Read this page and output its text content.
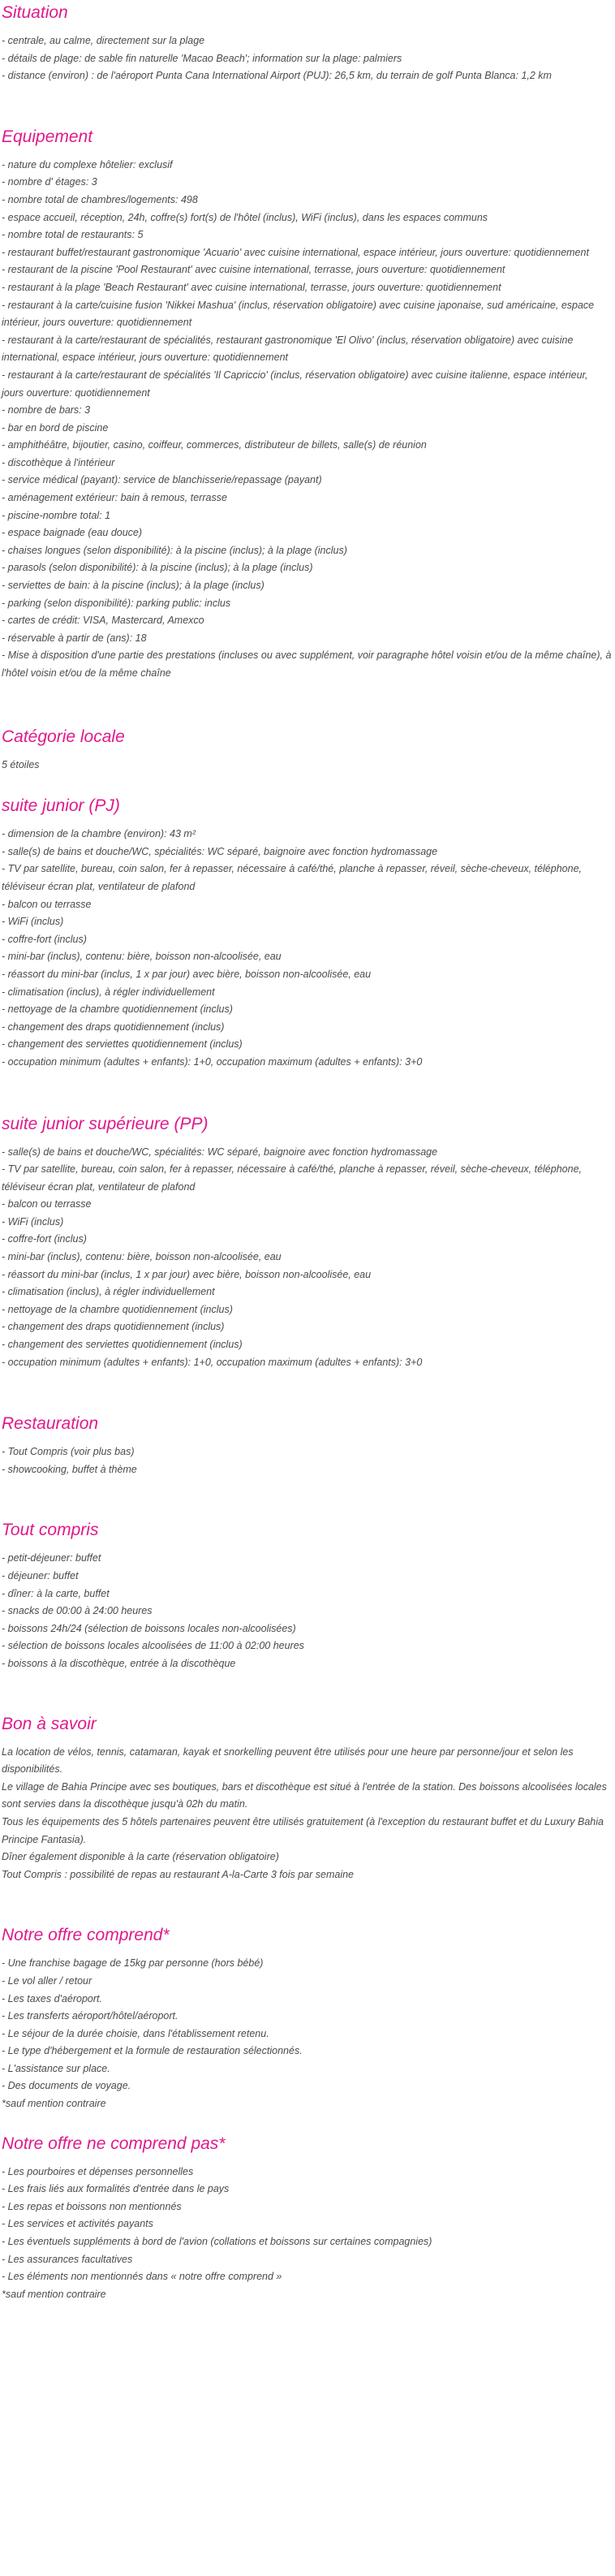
Situation

- centrale, au calme, directement sur la plage

- détails de plage: de sable fin naturelle 'Macao Beach'; information sur la plage: palmiers

- distance (environ) : de l'aéroport Punta Cana International Airport (PUJ): 26,5 km, du terrain de golf Punta Blanca: 1,2 km

Equipement

- nature du complexe hôtelier: exclusif

- nombre d' étages: 3

- nombre total de chambres/logements: 498

- espace accueil, réception, 24h, coffre(s) fort(s) de l'hôtel (inclus), WiFi (inclus), dans les espaces communs

- nombre total de restaurants: 5

- restaurant buffet/restaurant gastronomique 'Acuario' avec cuisine international, espace intérieur, jours ouverture: quotidiennement

- restaurant de la piscine 'Pool Restaurant' avec cuisine international, terrasse, jours ouverture: quotidiennement

- restaurant à la plage 'Beach Restaurant' avec cuisine international, terrasse, jours ouverture: quotidiennement

- restaurant à la carte/cuisine fusion 'Nikkei Mashua' (inclus, réservation obligatoire) avec cuisine japonaise, sud américaine, espace intérieur, jours ouverture: quotidiennement

- restaurant à la carte/restaurant de spécialités, restaurant gastronomique 'El Olivo' (inclus, réservation obligatoire) avec cuisine international, espace intérieur, jours ouverture: quotidiennement

- restaurant à la carte/restaurant de spécialités 'Il Capriccio' (inclus, réservation obligatoire) avec cuisine italienne, espace intérieur, jours ouverture: quotidiennement

- nombre de bars: 3

- bar en bord de piscine

- amphithéâtre, bijoutier, casino, coiffeur, commerces, distributeur de billets, salle(s) de réunion

- discothèque à l'intérieur

- service médical (payant): service de blanchisserie/repassage (payant)

- aménagement extérieur: bain à remous, terrasse

- piscine-nombre total: 1

- espace baignade (eau douce)

- chaises longues (selon disponibilité): à la piscine (inclus); à la plage (inclus)

- parasols (selon disponibilité): à la piscine (inclus); à la plage (inclus)

- serviettes de bain: à la piscine (inclus); à la plage (inclus)

- parking (selon disponibilité): parking public: inclus

- cartes de crédit: VISA, Mastercard, Amexco

- réservable à partir de (ans): 18

- Mise à disposition d'une partie des prestations (incluses ou avec supplément, voir paragraphe hôtel voisin et/ou de la même chaîne), à l'hôtel voisin et/ou de la même chaîne

Catégorie locale

5 étoiles

suite junior (PJ)

- dimension de la chambre (environ): 43 m²

- salle(s) de bains et douche/WC, spécialités: WC séparé, baignoire avec fonction hydromassage

- TV par satellite, bureau, coin salon, fer à repasser, nécessaire à café/thé, planche à repasser, réveil, sèche-cheveux, téléphone, téléviseur écran plat, ventilateur de plafond

- balcon ou terrasse

- WiFi (inclus)

- coffre-fort (inclus)

- mini-bar (inclus), contenu: bière, boisson non-alcoolisée, eau

- réassort du mini-bar (inclus, 1 x par jour) avec bière, boisson non-alcoolisée, eau

- climatisation (inclus), à régler individuellement

- nettoyage de la chambre quotidiennement (inclus)

- changement des draps quotidiennement (inclus)

- changement des serviettes quotidiennement (inclus)

- occupation minimum (adultes + enfants): 1+0, occupation maximum (adultes + enfants): 3+0

suite junior supérieure (PP)

- salle(s) de bains et douche/WC, spécialités: WC séparé, baignoire avec fonction hydromassage

- TV par satellite, bureau, coin salon, fer à repasser, nécessaire à café/thé, planche à repasser, réveil, sèche-cheveux, téléphone, téléviseur écran plat, ventilateur de plafond

- balcon ou terrasse

- WiFi (inclus)

- coffre-fort (inclus)

- mini-bar (inclus), contenu: bière, boisson non-alcoolisée, eau

- réassort du mini-bar (inclus, 1 x par jour) avec bière, boisson non-alcoolisée, eau

- climatisation (inclus), à régler individuellement

- nettoyage de la chambre quotidiennement (inclus)

- changement des draps quotidiennement (inclus)

- changement des serviettes quotidiennement (inclus)

- occupation minimum (adultes + enfants): 1+0, occupation maximum (adultes + enfants): 3+0

Restauration

- Tout Compris (voir plus bas)

- showcooking, buffet à thème

Tout compris

- petit-déjeuner: buffet

- déjeuner: buffet

- dîner: à la carte, buffet

- snacks de 00:00 à 24:00 heures

- boissons 24h/24 (sélection de boissons locales non-alcoolisées)

- sélection de boissons locales alcoolisées de 11:00 à 02:00 heures

- boissons à la discothèque, entrée à la discothèque

Bon à savoir

La location de vélos, tennis, catamaran, kayak et snorkelling peuvent être utilisés pour une heure par personne/jour et selon les disponibilités.

Le village de Bahia Principe avec ses boutiques, bars et discothèque est situé à l'entrée de la station. Des boissons alcoolisées locales sont servies dans la discothèque jusqu'à 02h du matin.

Tous les équipements des 5 hôtels partenaires peuvent être utilisés gratuitement (à l'exception du restaurant buffet et du Luxury Bahia Principe Fantasia).

Dîner également disponible à la carte (réservation obligatoire)

Tout Compris : possibilité de repas au restaurant A-la-Carte 3 fois par semaine

Notre offre comprend*

- Une franchise bagage de 15kg par personne (hors bébé)

- Le vol aller / retour

- Les taxes d'aéroport.

- Les transferts aéroport/hôtel/aéroport.

- Le séjour de la durée choisie, dans l'établissement retenu.

- Le type d'hébergement et la formule de restauration sélectionnés.

- L'assistance sur place.

- Des documents de voyage.

*sauf mention contraire

Notre offre ne comprend pas*

- Les pourboires et dépenses personnelles

- Les frais liés aux formalités d'entrée dans le pays

- Les repas et boissons non mentionnés

- Les services et activités payants

- Les éventuels suppléments à bord de l'avion (collations et boissons sur certaines compagnies)

- Les assurances facultatives

- Les éléments non mentionnés dans « notre offre comprend »

*sauf mention contraire
